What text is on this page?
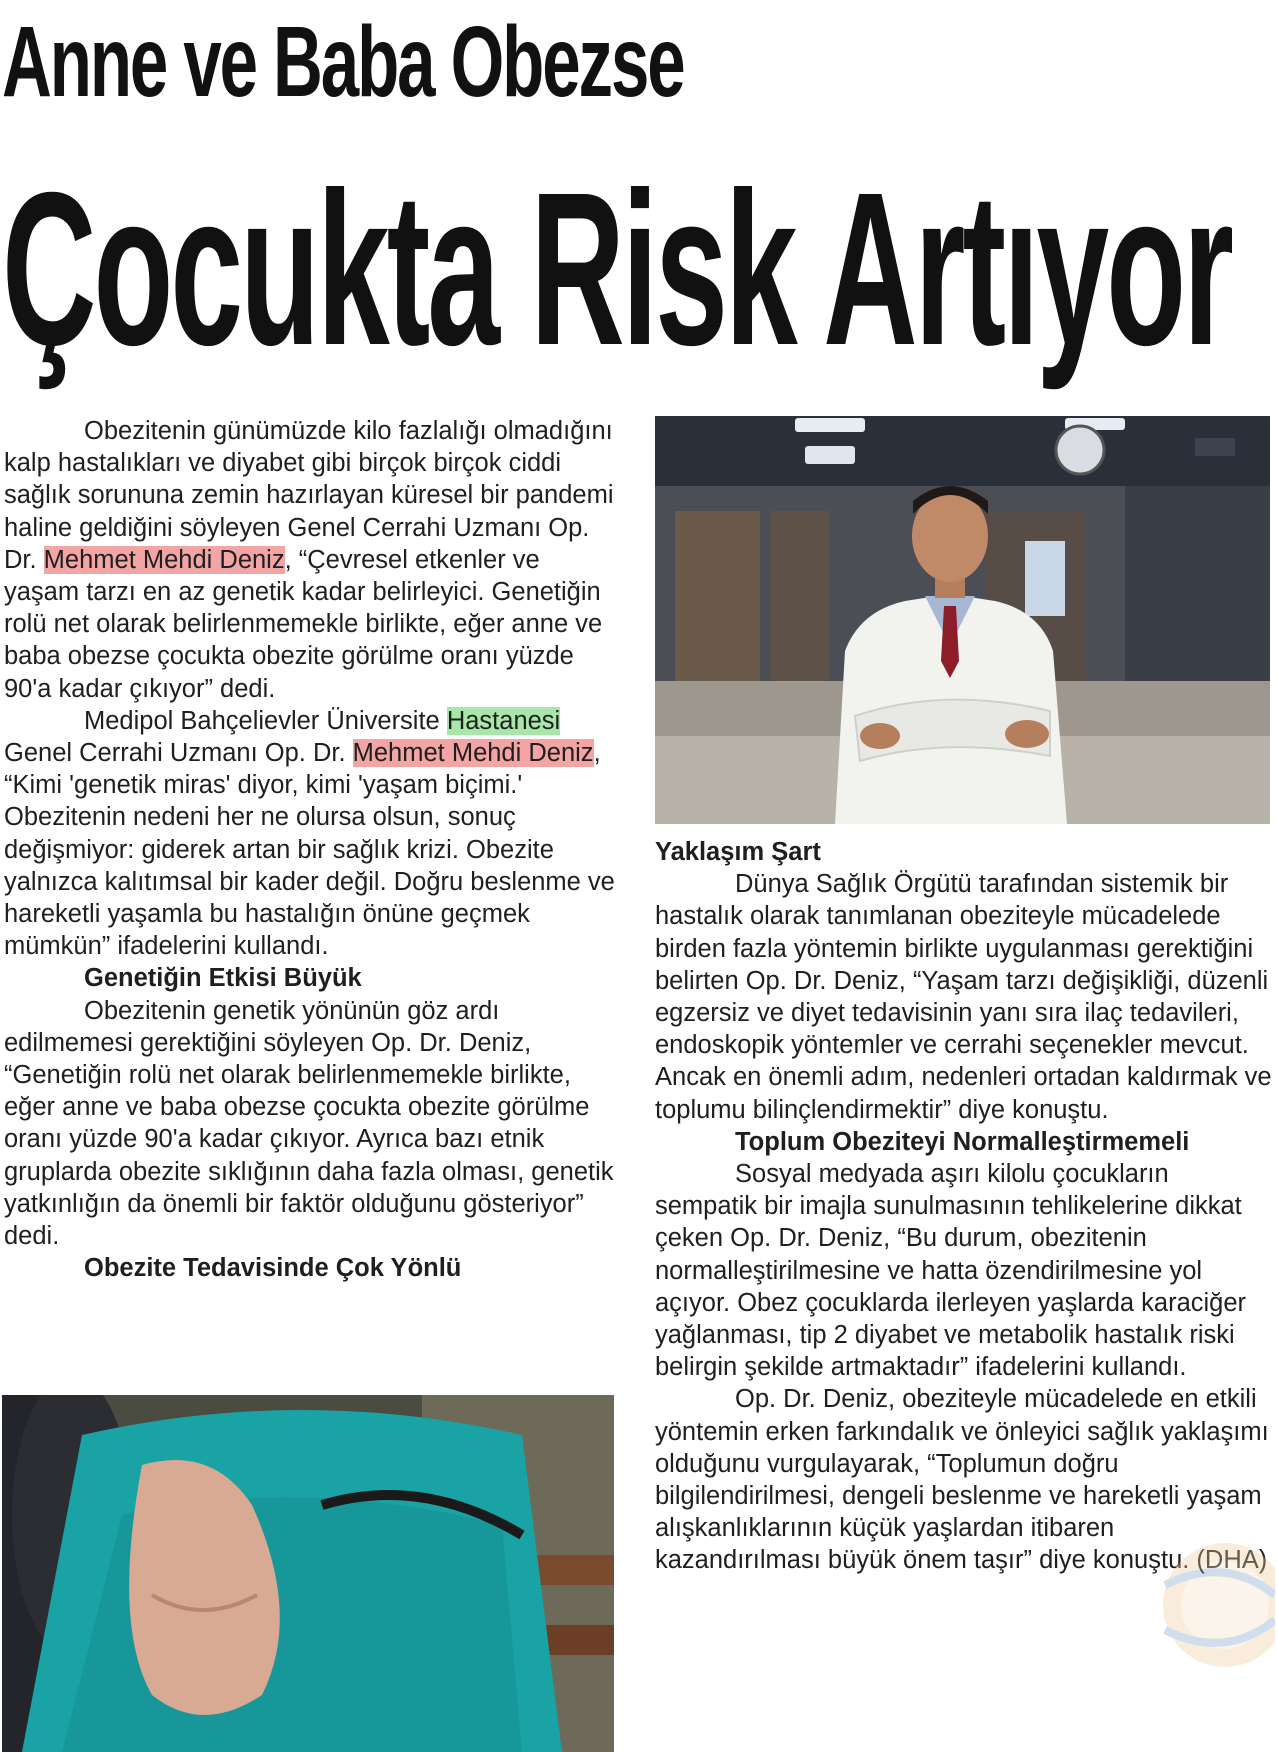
Anne ve Baba Obezse
Çocukta Risk Artıyor

Obezitenin günümüzde kilo fazlalığı olmadığını kalp hastalıkları ve diyabet gibi birçok birçok ciddi sağlık sorununa zemin hazırlayan küresel bir pandemi haline geldiğini söyleyen Genel Cerrahi Uzmanı Op. Dr. Mehmet Mehdi Deniz, “Çevresel etkenler ve yaşam tarzı en az genetik kadar belirleyici. Genetiğin rolü net olarak belirlenmemekle birlikte, eğer anne ve baba obezse çocukta obezite görülme oranı yüzde 90'a kadar çıkıyor” dedi.

Medipol Bahçelievler Üniversite Hastanesi Genel Cerrahi Uzmanı Op. Dr. Mehmet Mehdi Deniz, “Kimi 'genetik miras' diyor, kimi 'yaşam biçimi.' Obezitenin nedeni her ne olursa olsun, sonuç değişmiyor: giderek artan bir sağlık krizi. Obezite yalnızca kalıtımsal bir kader değil. Doğru beslenme ve hareketli yaşamla bu hastalığın önüne geçmek mümkün” ifadelerini kullandı.

Genetiğin Etkisi Büyük

Obezitenin genetik yönünün göz ardı edilmemesi gerektiğini söyleyen Op. Dr. Deniz, “Genetiğin rolü net olarak belirlenmemekle birlikte, eğer anne ve baba obezse çocukta obezite görülme oranı yüzde 90'a kadar çıkıyor. Ayrıca bazı etnik gruplarda obezite sıklığının daha fazla olması, genetik yatkınlığın da önemli bir faktör olduğunu gösteriyor” dedi.

Obezite Tedavisinde Çok Yönlü

Yaklaşım Şart

Dünya Sağlık Örgütü tarafından sistemik bir hastalık olarak tanımlanan obeziteyle mücadelede birden fazla yöntemin birlikte uygulanması gerektiğini belirten Op. Dr. Deniz, “Yaşam tarzı değişikliği, düzenli egzersiz ve diyet tedavisinin yanı sıra ilaç tedavileri, endoskopik yöntemler ve cerrahi seçenekler mevcut. Ancak en önemli adım, nedenleri ortadan kaldırmak ve toplumu bilinçlendirmektir” diye konuştu.

Toplum Obeziteyi Normalleştirmemeli

Sosyal medyada aşırı kilolu çocukların sempatik bir imajla sunulmasının tehlikelerine dikkat çeken Op. Dr. Deniz, “Bu durum, obezitenin normalleştirilmesine ve hatta özendirilmesine yol açıyor. Obez çocuklarda ilerleyen yaşlarda karaciğer yağlanması, tip 2 diyabet ve metabolik hastalık riski belirgin şekilde artmaktadır” ifadelerini kullandı.

Op. Dr. Deniz, obeziteyle mücadelede en etkili yöntemin erken farkındalık ve önleyici sağlık yaklaşımı olduğunu vurgulayarak, “Toplumun doğru bilgilendirilmesi, dengeli beslenme ve hareketli yaşam alışkanlıklarının küçük yaşlardan itibaren kazandırılması büyük önem taşır” diye konuştu. (DHA)
